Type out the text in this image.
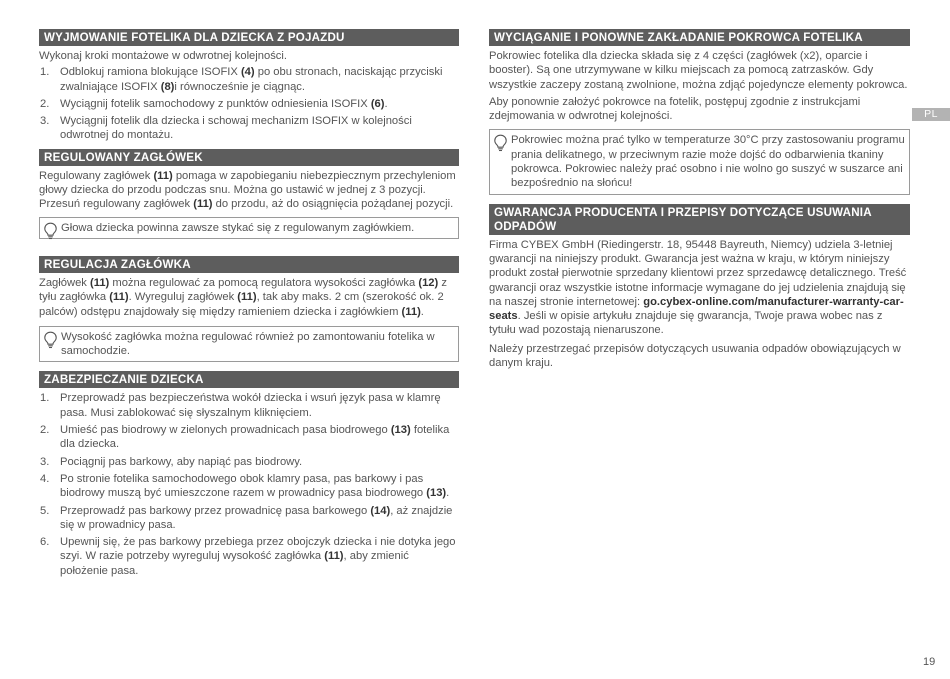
WYJMOWANIE FOTELIKA DLA DZIECKA Z POJAZDU

Wykonaj kroki montażowe w odwrotnej kolejności.

1. Odblokuj ramiona blokujące ISOFIX (4) po obu stronach, naciskając przyciski zwalniające ISOFIX (8)i równocześnie je ciągnąc.
2. Wyciągnij fotelik samochodowy z punktów odniesienia ISOFIX (6).
3. Wyciągnij fotelik dla dziecka i schowaj mechanizm ISOFIX w kolejności odwrotnej do montażu.
REGULOWANY ZAGŁÓWEK

Regulowany zagłówek (11) pomaga w zapobieganiu niebezpiecznym przechyleniom głowy dziecka do przodu podczas snu. Można go ustawić w jednej z 3 pozycji. Przesuń regulowany zagłówek (11) do przodu, aż do osiągnięcia pożądanej pozycji.

Głowa dziecka powinna zawsze stykać się z regulowanym zagłówkiem.
REGULACJA ZAGŁÓWKA

Zagłówek (11) można regulować za pomocą regulatora wysokości zagłówka (12) z tyłu zagłówka (11). Wyreguluj zagłówek (11), tak aby maks. 2 cm (szerokość ok. 2 palców) odstępu znajdowały się między ramieniem dziecka i zagłówkiem (11).

Wysokość zagłówka można regulować również po zamontowaniu fotelika w samochodzie.
ZABEZPIECZANIE DZIECKA
1. Przeprowadź pas bezpieczeństwa wokół dziecka i wsuń język pasa w klamrę pasa. Musi zablokować się słyszalnym kliknięciem.
2. Umieść pas biodrowy w zielonych prowadnicach pasa biodrowego (13) fotelika dla dziecka.
3. Pociągnij pas barkowy, aby napiąć pas biodrowy.
4. Po stronie fotelika samochodowego obok klamry pasa, pas barkowy i pas biodrowy muszą być umieszczone razem w prowadnicy pasa biodrowego (13).
5. Przeprowadź pas barkowy przez prowadnicę pasa barkowego (14), aż znajdzie się w prowadnicy pasa.
6. Upewnij się, że pas barkowy przebiega przez obojczyk dziecka i nie dotyka jego szyi. W razie potrzeby wyreguluj wysokość zagłówka (11), aby zmienić położenie pasa.
WYCIĄGANIE I PONOWNE ZAKŁADANIE POKROWCA FOTELIKA

Pokrowiec fotelika dla dziecka składa się z 4 części (zagłówek (x2), oparcie i booster). Są one utrzymywane w kilku miejscach za pomocą zatrzasków. Gdy wszystkie zaczepy zostaną zwolnione, można zdjąć pojedyncze elementy pokrowca.

Aby ponownie założyć pokrowce na fotelik, postępuj zgodnie z instrukcjami zdejmowania w odwrotnej kolejności.

Pokrowiec można prać tylko w temperaturze 30°C przy zastosowaniu programu prania delikatnego, w przeciwnym razie może dojść do odbarwienia tkaniny pokrowca. Pokrowiec należy prać osobno i nie wolno go suszyć w suszarce ani bezpośrednio na słońcu!
GWARANCJA PRODUCENTA I PRZEPISY DOTYCZĄCE USUWANIA ODPADÓW

Firma CYBEX GmbH (Riedingerstr. 18, 95448 Bayreuth, Niemcy) udziela 3-letniej gwarancji na niniejszy produkt. Gwarancja jest ważna w kraju, w którym niniejszy produkt został pierwotnie sprzedany klientowi przez sprzedawcę detalicznego. Treść gwarancji oraz wszystkie istotne informacje wymagane do jej udzielenia znajdują się na naszej stronie internetowej: go.cybex-online.com/manufacturer-warranty-car-seats. Jeśli w opisie artykułu znajduje się gwarancja, Twoje prawa wobec nas z tytułu wad pozostają nienaruszone.

Należy przestrzegać przepisów dotyczących usuwania odpadów obowiązujących w danym kraju.

PL
19
